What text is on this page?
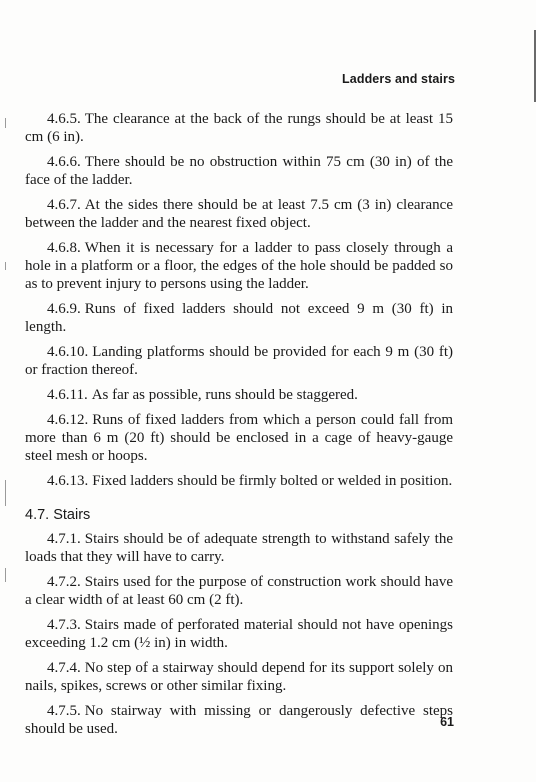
Ladders and stairs

4.6.5. The clearance at the back of the rungs should be at least 15 cm (6 in).

4.6.6. There should be no obstruction within 75 cm (30 in) of the face of the ladder.

4.6.7. At the sides there should be at least 7.5 cm (3 in) clearance between the ladder and the nearest fixed object.

4.6.8. When it is necessary for a ladder to pass closely through a hole in a platform or a floor, the edges of the hole should be padded so as to prevent injury to persons using the ladder.

4.6.9. Runs of fixed ladders should not exceed 9 m (30 ft) in length.

4.6.10. Landing platforms should be provided for each 9 m (30 ft) or fraction thereof.

4.6.11. As far as possible, runs should be staggered.

4.6.12. Runs of fixed ladders from which a person could fall from more than 6 m (20 ft) should be enclosed in a cage of heavy-gauge steel mesh or hoops.

4.6.13. Fixed ladders should be firmly bolted or welded in position.

4.7. Stairs

4.7.1. Stairs should be of adequate strength to withstand safely the loads that they will have to carry.

4.7.2. Stairs used for the purpose of construction work should have a clear width of at least 60 cm (2 ft).

4.7.3. Stairs made of perforated material should not have openings exceeding 1.2 cm (½ in) in width.

4.7.4. No step of a stairway should depend for its support solely on nails, spikes, screws or other similar fixing.

4.7.5. No stairway with missing or dangerously defective steps should be used.	61
